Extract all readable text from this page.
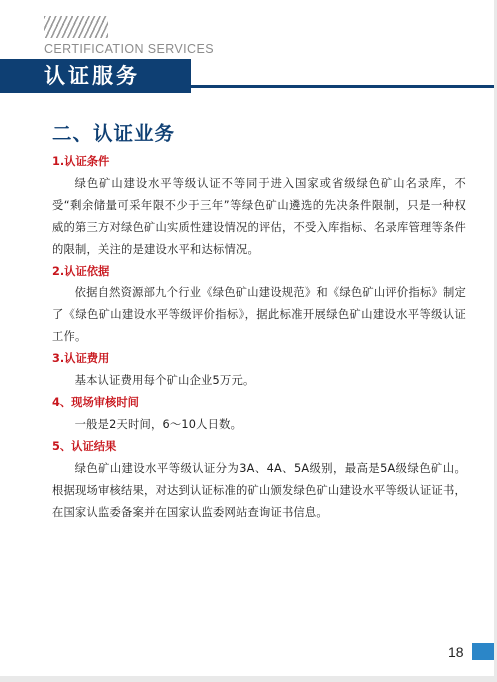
CERTIFICATION SERVICES
认证服务
二、认证业务
1.认证条件
绿色矿山建设水平等级认证不等同于进入国家或省级绿色矿山名录库，不受“剩余储量可采年限不少于三年”等绿色矿山遴选的先决条件限制，只是一种权威的第三方对绿色矿山实质性建设情况的评估，不受入库指标、名录库管理等条件的限制，关注的是建设水平和达标情况。
2.认证依据
依据自然资源部九个行业《绿色矿山建设规范》和《绿色矿山评价指标》制定了《绿色矿山建设水平等级评价指标》，据此标准开展绿色矿山建设水平等级认证工作。
3.认证费用
基本认证费用每个矿山企业5万元。
4、现场审核时间
一般是2天时间，6～10人日数。
5、认证结果
绿色矿山建设水平等级认证分为3A、4A、5A级别，最高是5A级绿色矿山。根据现场审核结果，对达到认证标准的矿山颁发绿色矿山建设水平等级认证证书，在国家认监委备案并在国家认监委网站查询证书信息。
18
